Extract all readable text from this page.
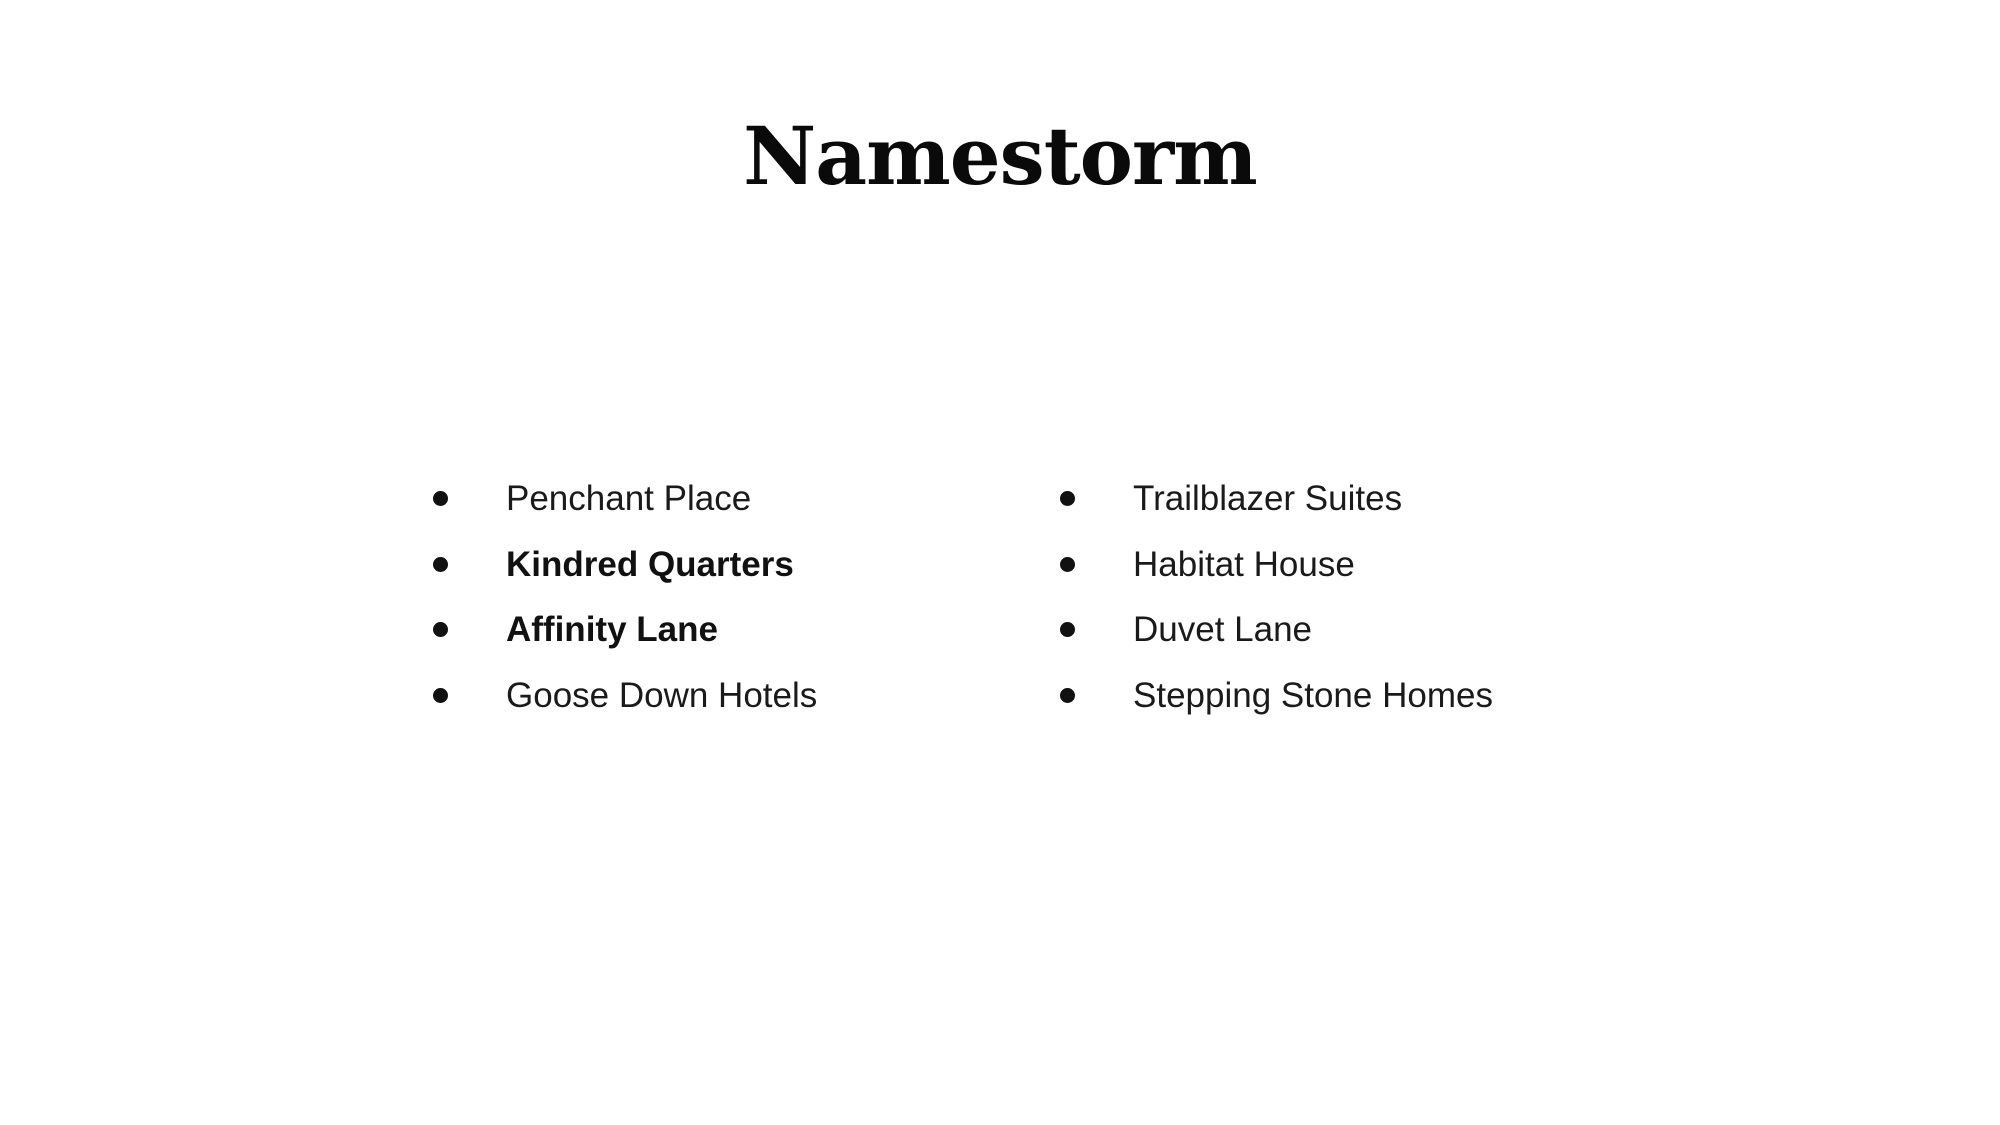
Namestorm
Penchant Place
Kindred Quarters
Affinity Lane
Goose Down Hotels
Trailblazer Suites
Habitat House
Duvet Lane
Stepping Stone Homes
